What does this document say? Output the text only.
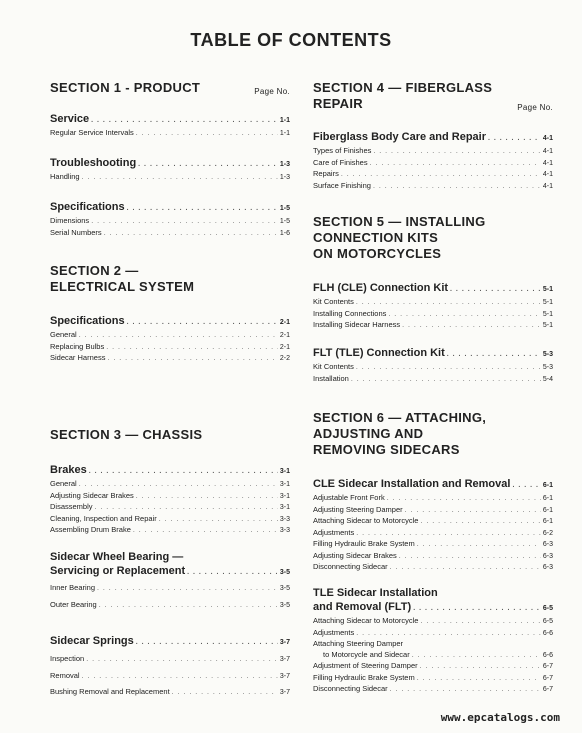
TABLE OF CONTENTS
SECTION 1 - PRODUCT	Page No.
Service . . .	1-1
Regular Service Intervals . . .	1-1
Troubleshooting . . .	1-3
Handling . . .	1-3
Specifications . . .	1-5
Dimensions . . .	1-5
Serial Numbers . . .	1-6
SECTION 2 —
ELECTRICAL SYSTEM
Specifications . . .	2-1
General . . .	2-1
Replacing Bulbs . . .	2-1
Sidecar Harness . . .	2-2
SECTION 3 — CHASSIS
Brakes . . .	3-1
General . . .	3-1
Adjusting Sidecar Brakes . . .	3-1
Disassembly . . .	3-1
Cleaning, Inspection and Repair . . .	3-3
Assembling Drum Brake . . .	3-3
Sidecar Wheel Bearing —
Servicing or Replacement . . .	3-5
Inner Bearing . . .	3-5
Outer Bearing . . .	3-5
Sidecar Springs . . .	3-7
Inspection . . .	3-7
Removal . . .	3-7
Bushing Removal and Replacement . . .	3-7
SECTION 4 — FIBERGLASS
REPAIR	Page No.
Fiberglass Body Care and Repair . . .	4-1
Types of Finishes . . .	4-1
Care of Finishes . . .	4-1
Repairs . . .	4-1
Surface Finishing . . .	4-1
SECTION 5 — INSTALLING
CONNECTION KITS
ON MOTORCYCLES
FLH (CLE) Connection Kit . . .	5-1
Kit Contents . . .	5-1
Installing Connections . . .	5-1
Installing Sidecar Harness . . .	5-1
FLT (TLE) Connection Kit . . .	5-3
Kit Contents . . .	5-3
Installation . . .	5-4
SECTION 6 — ATTACHING,
ADJUSTING AND
REMOVING SIDECARS
CLE Sidecar Installation and Removal . . .	6-1
Adjustable Front Fork . . .	6-1
Adjusting Steering Damper . . .	6-1
Attaching Sidecar to Motorcycle . . .	6-1
Adjustments . . .	6-2
Filling Hydraulic Brake System . . .	6-3
Adjusting Sidecar Brakes . . .	6-3
Disconnecting Sidecar . . .	6-3
TLE Sidecar Installation
and Removal (FLT) . . .	6-5
Attaching Sidecar to Motorcycle . . .	6-5
Adjustments . . .	6-6
Attaching Steering Damper
to Motorcycle and Sidecar . . .	6-6
Adjustment of Steering Damper . . .	6-7
Filling Hydraulic Brake System . . .	6-7
Disconnecting Sidecar . . .	6-7
www.epcatalogs.com
